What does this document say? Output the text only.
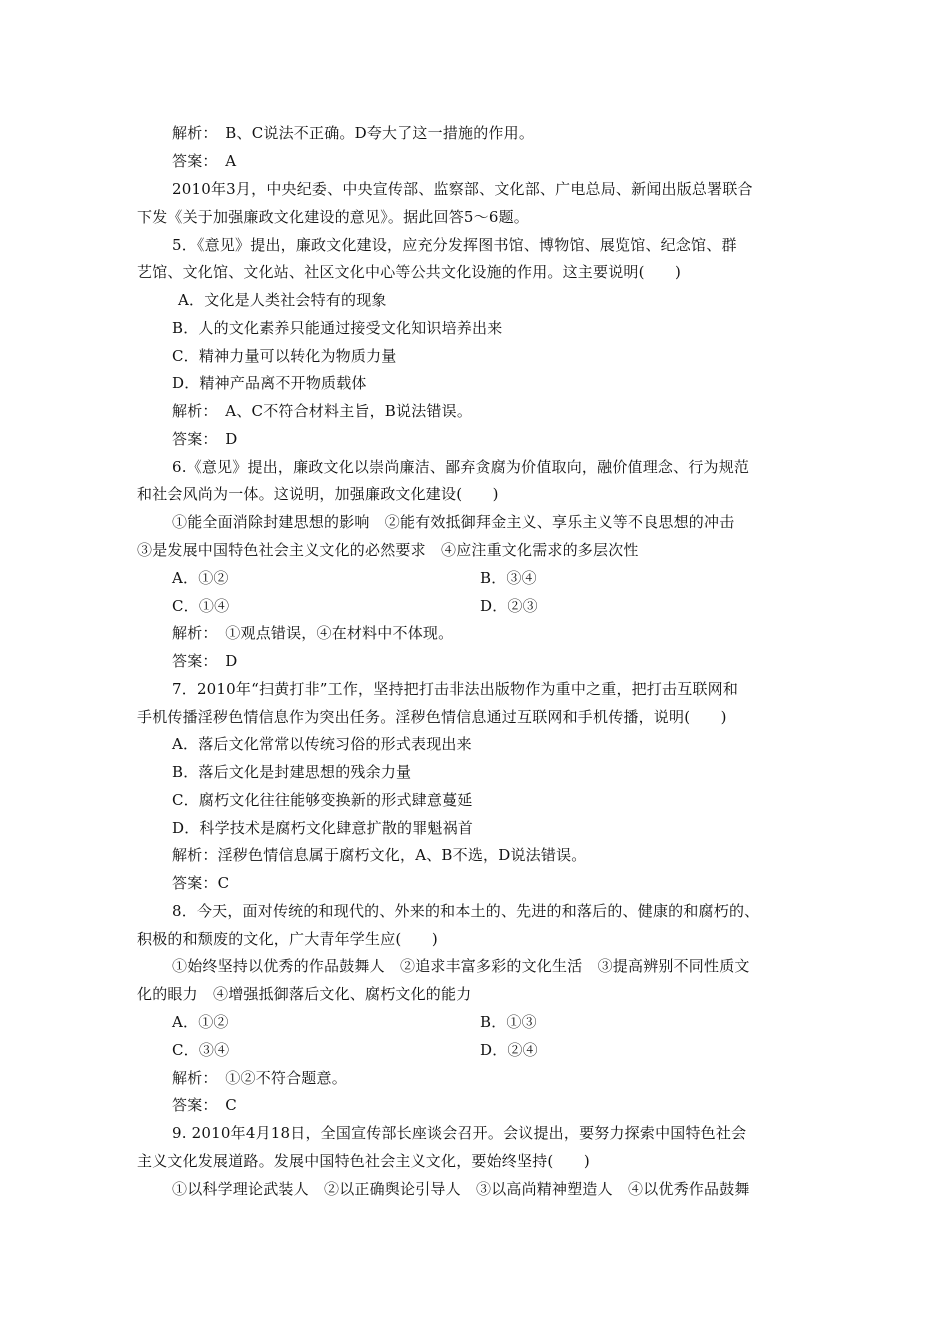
解析：　B、C说法不正确。D夸大了这一措施的作用。
答案：　A
2010年3月，中央纪委、中央宣传部、监察部、文化部、广电总局、新闻出版总署联合
下发《关于加强廉政文化建设的意见》。据此回答5～6题。
5．《意见》提出，廉政文化建设，应充分发挥图书馆、博物馆、展览馆、纪念馆、群
艺馆、文化馆、文化站、社区文化中心等公共文化设施的作用。这主要说明(　　)
A．文化是人类社会特有的现象
B．人的文化素养只能通过接受文化知识培养出来
C．精神力量可以转化为物质力量
D．精神产品离不开物质载体
解析：　A、C不符合材料主旨，B说法错误。
答案：　D
6.《意见》提出，廉政文化以崇尚廉洁、鄙弃贪腐为价值取向，融价值理念、行为规范
和社会风尚为一体。这说明，加强廉政文化建设(　　)
①能全面消除封建思想的影响　②能有效抵御拜金主义、享乐主义等不良思想的冲击
③是发展中国特色社会主义文化的必然要求　④应注重文化需求的多层次性
A．①②	B．③④
C．①④	D．②③
解析：　①观点错误，④在材料中不体现。
答案：　D
7．2010年“扫黄打非”工作，坚持把打击非法出版物作为重中之重，把打击互联网和
手机传播淫秽色情信息作为突出任务。淫秽色情信息通过互联网和手机传播，说明(　　)
A．落后文化常常以传统习俗的形式表现出来
B．落后文化是封建思想的残余力量
C．腐朽文化往往能够变换新的形式肆意蔓延
D．科学技术是腐朽文化肆意扩散的罪魁祸首
解析：淫秽色情信息属于腐朽文化，A、B不选，D说法错误。
答案：C
8．今天，面对传统的和现代的、外来的和本土的、先进的和落后的、健康的和腐朽的、
积极的和颓废的文化，广大青年学生应(　　)
①始终坚持以优秀的作品鼓舞人　②追求丰富多彩的文化生活　③提高辨别不同性质文
化的眼力　④增强抵御落后文化、腐朽文化的能力
A．①②	B．①③
C．③④	D．②④
解析：　①②不符合题意。
答案：　C
9. 2010年4月18日，全国宣传部长座谈会召开。会议提出，要努力探索中国特色社会
主义文化发展道路。发展中国特色社会主义文化，要始终坚持(　　)
①以科学理论武装人　②以正确舆论引导人　③以高尚精神塑造人　④以优秀作品鼓舞
